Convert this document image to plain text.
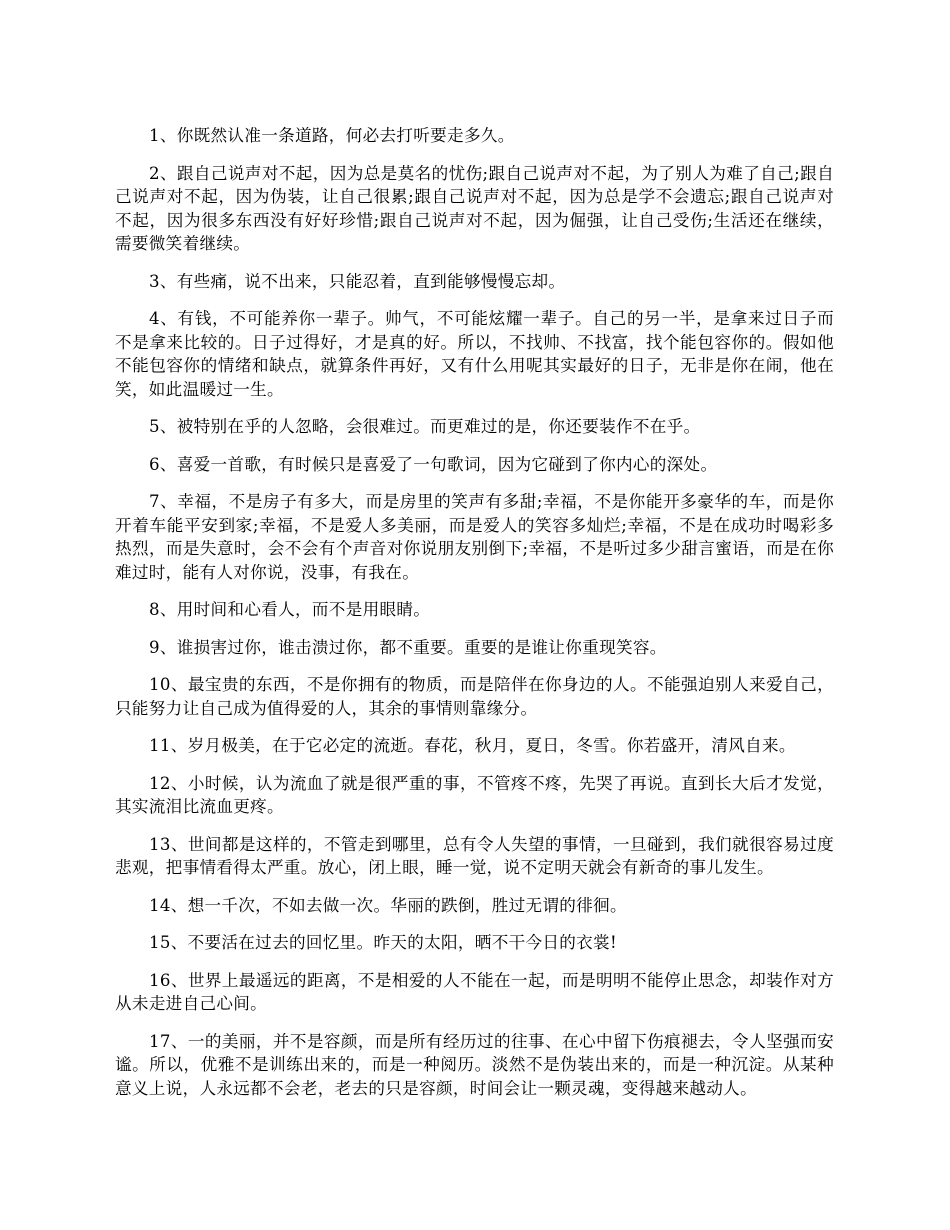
1、你既然认准一条道路，何必去打听要走多久。

2、跟自己说声对不起，因为总是莫名的忧伤;跟自己说声对不起，为了别人为难了自己;跟自己说声对不起，因为伪装，让自己很累;跟自己说声对不起，因为总是学不会遗忘;跟自己说声对不起，因为很多东西没有好好珍惜;跟自己说声对不起，因为倔强，让自己受伤;生活还在继续，需要微笑着继续。

3、有些痛，说不出来，只能忍着，直到能够慢慢忘却。

4、有钱，不可能养你一辈子。帅气，不可能炫耀一辈子。自己的另一半，是拿来过日子而不是拿来比较的。日子过得好，才是真的好。所以，不找帅、不找富，找个能包容你的。假如他不能包容你的情绪和缺点，就算条件再好，又有什么用呢其实最好的日子，无非是你在闹，他在笑，如此温暖过一生。

5、被特别在乎的人忽略，会很难过。而更难过的是，你还要装作不在乎。

6、喜爱一首歌，有时候只是喜爱了一句歌词，因为它碰到了你内心的深处。

7、幸福，不是房子有多大，而是房里的笑声有多甜;幸福，不是你能开多豪华的车，而是你开着车能平安到家;幸福，不是爱人多美丽，而是爱人的笑容多灿烂;幸福，不是在成功时喝彩多热烈，而是失意时，会不会有个声音对你说朋友别倒下;幸福，不是听过多少甜言蜜语，而是在你难过时，能有人对你说，没事，有我在。

8、用时间和心看人，而不是用眼睛。

9、谁损害过你，谁击溃过你，都不重要。重要的是谁让你重现笑容。

10、最宝贵的东西，不是你拥有的物质，而是陪伴在你身边的人。不能强迫别人来爱自己，只能努力让自己成为值得爱的人，其余的事情则靠缘分。

11、岁月极美，在于它必定的流逝。春花，秋月，夏日，冬雪。你若盛开，清风自来。

12、小时候，认为流血了就是很严重的事，不管疼不疼，先哭了再说。直到长大后才发觉，其实流泪比流血更疼。

13、世间都是这样的，不管走到哪里，总有令人失望的事情，一旦碰到，我们就很容易过度悲观，把事情看得太严重。放心，闭上眼，睡一觉，说不定明天就会有新奇的事儿发生。

14、想一千次，不如去做一次。华丽的跌倒，胜过无谓的徘徊。

15、不要活在过去的回忆里。昨天的太阳，晒不干今日的衣裳!

16、世界上最遥远的距离，不是相爱的人不能在一起，而是明明不能停止思念，却装作对方从未走进自己心间。

17、一的美丽，并不是容颜，而是所有经历过的往事、在心中留下伤痕褪去，令人坚强而安谧。所以，优雅不是训练出来的，而是一种阅历。淡然不是伪装出来的，而是一种沉淀。从某种意义上说，人永远都不会老，老去的只是容颜，时间会让一颗灵魂，变得越来越动人。
